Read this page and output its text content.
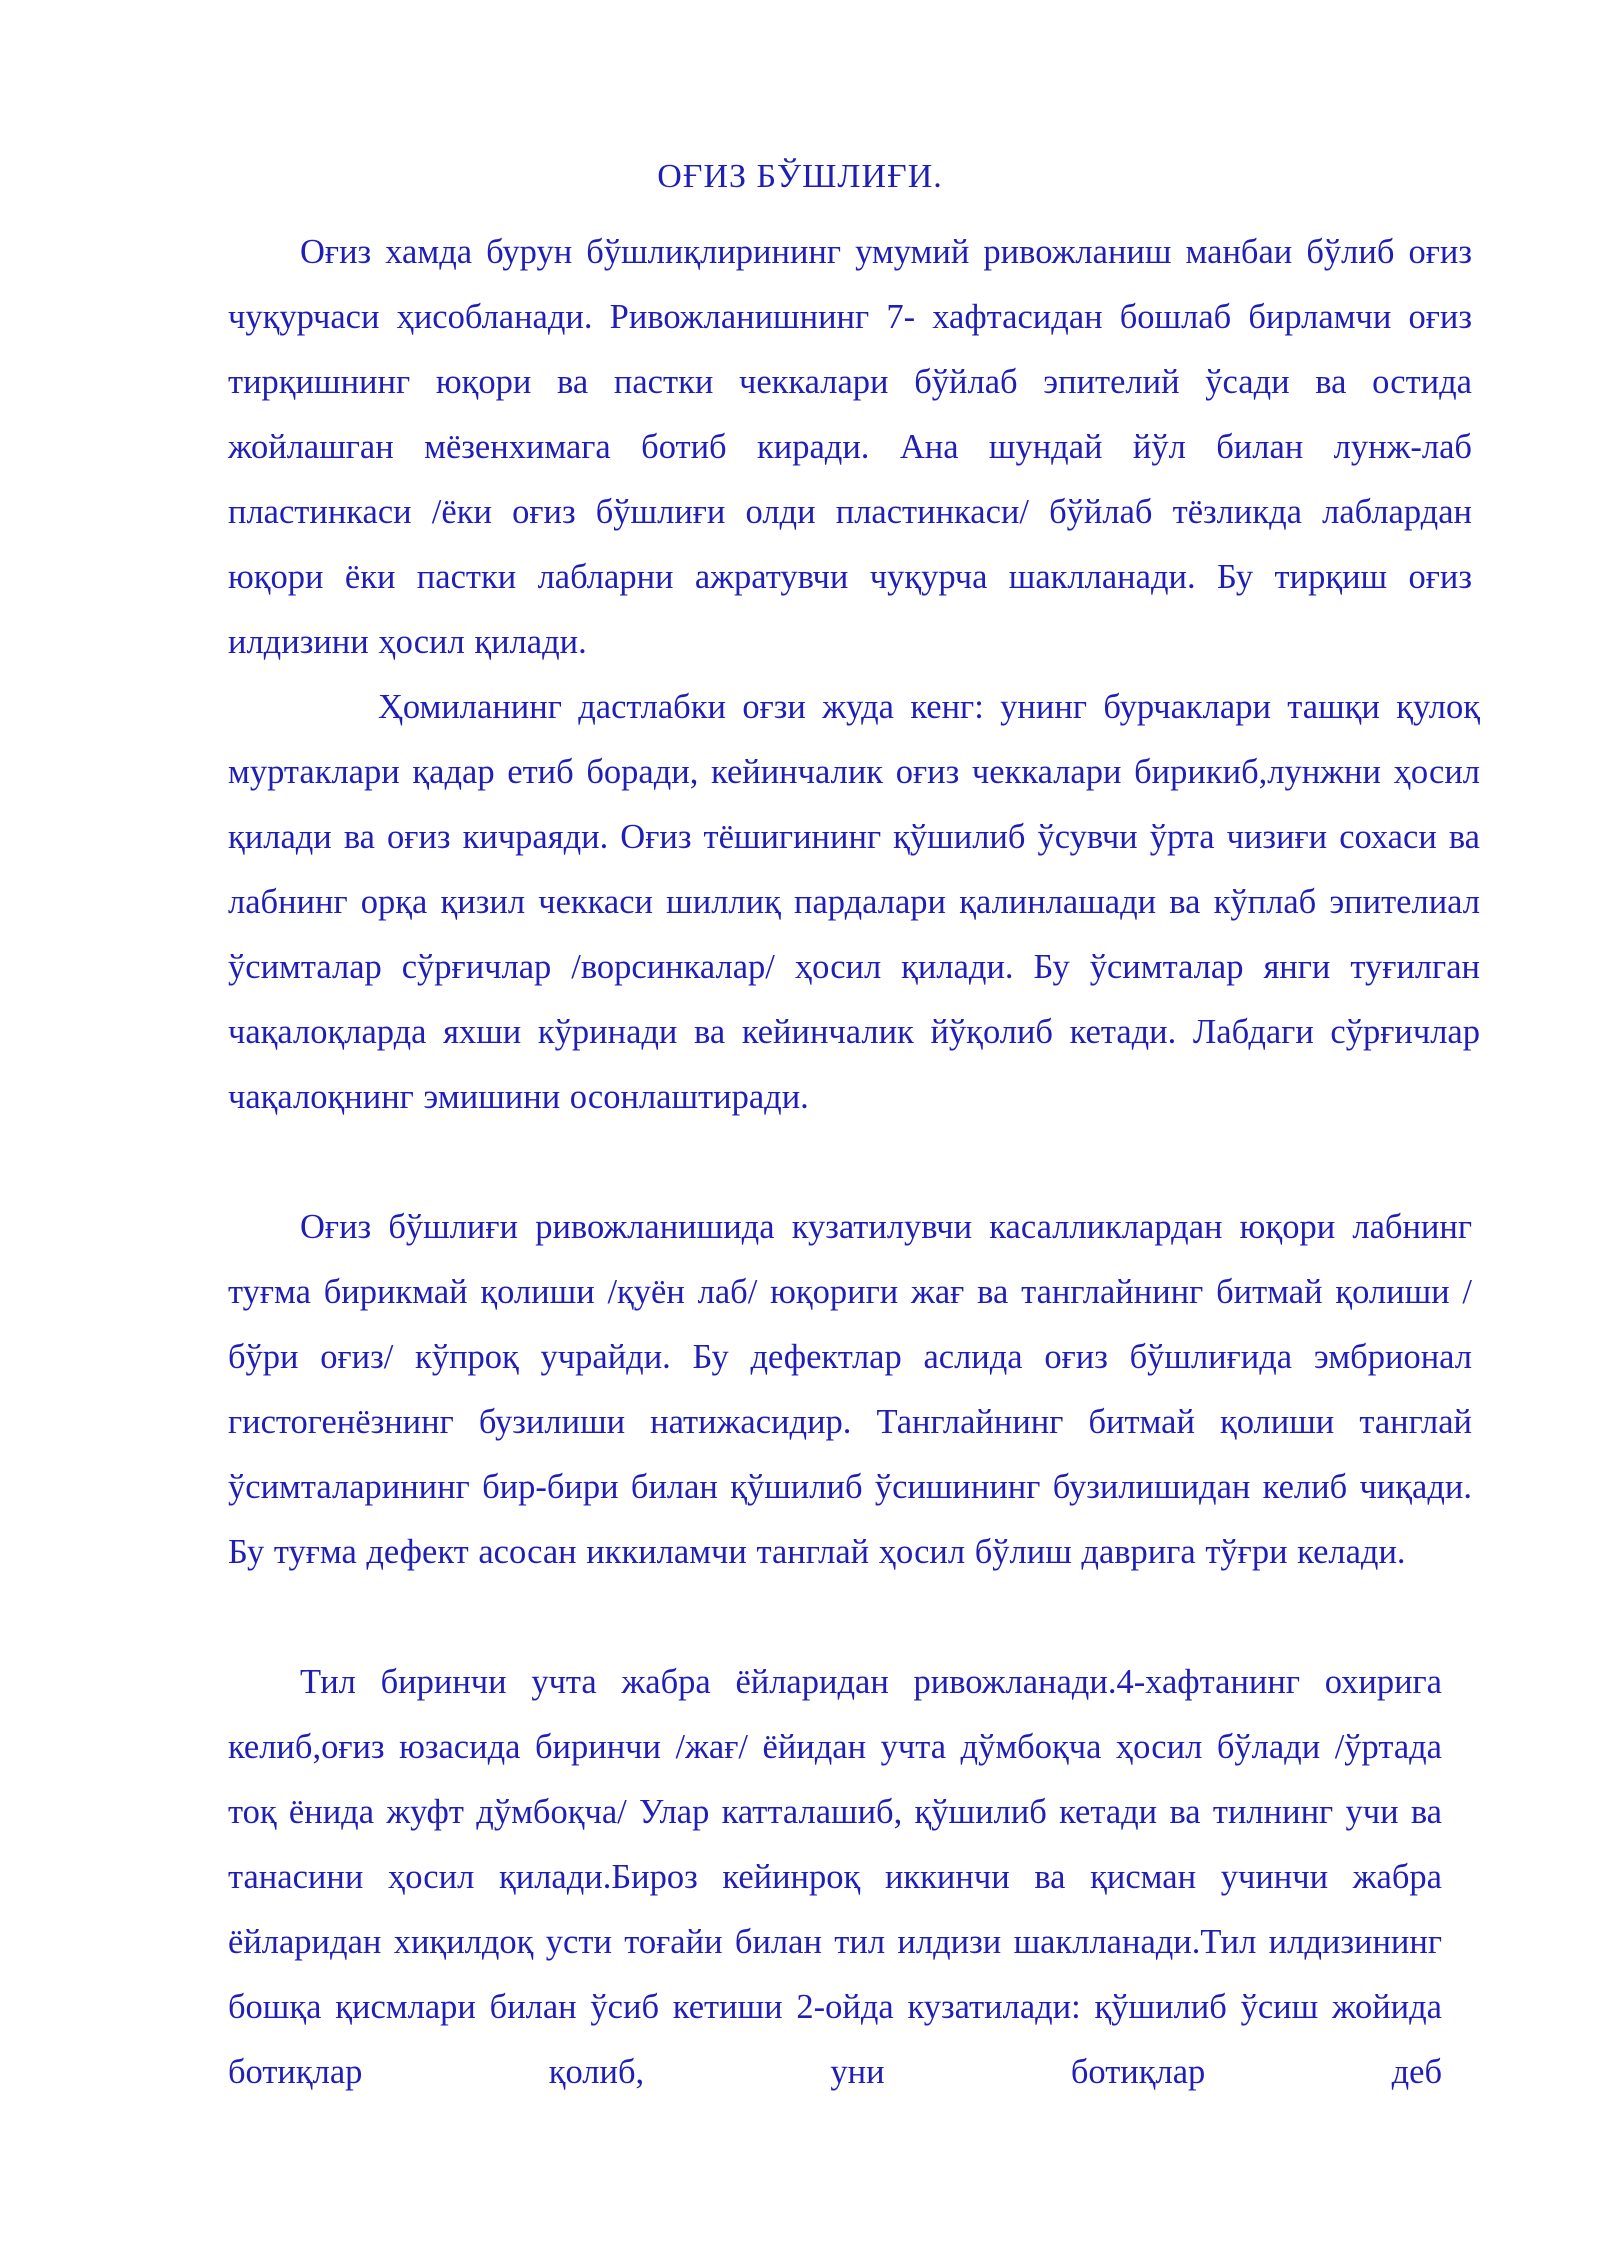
ОҒИЗ БЎШЛИҒИ.

Оғиз хамда бурун бўшлиқлирининг умумий ривожланиш манбаи бўлиб оғиз чуқурчаси ҳисобланади. Ривожланишнинг 7- хафтасидан бошлаб бирламчи оғиз тирқишнинг юқори ва пастки чеккалари бўйлаб эпителий ўсади ва остида жойлашган мёзенхимага ботиб киради. Ана шундай йўл билан лунж-лаб пластинкаси /ёки оғиз бўшлиғи олди пластинкаси/ бўйлаб тёзликда лаблардан юқори ёки пастки лабларни ажратувчи чуқурча шаклланади. Бу тирқиш оғиз илдизини ҳосил қилади.

Ҳомиланинг дастлабки оғзи жуда кенг: унинг бурчаклари ташқи қулоқ муртаклари қадар етиб боради, кейинчалик оғиз чеккалари бирикиб,лунжни ҳосил қилади ва оғиз кичраяди. Оғиз тёшигининг қўшилиб ўсувчи ўрта чизиғи сохаси ва лабнинг орқа қизил чеккаси шиллиқ пардалари қалинлашади ва кўплаб эпителиал ўсимталар сўрғичлар /ворсинкалар/ ҳосил қилади. Бу ўсимталар янги туғилган чақалоқларда яхши кўринади ва кейинчалик йўқолиб кетади. Лабдаги сўрғичлар чақалоқнинг эмишини осонлаштиради.

Оғиз бўшлиғи ривожланишида кузатилувчи касалликлардан юқори лабнинг туғма бирикмай қолиши /қуён лаб/ юқориги жағ ва танглайнинг битмай қолиши /бўри оғиз/ кўпроқ учрайди. Бу дефектлар аслида оғиз бўшлиғида эмбрионал гистогенёзнинг бузилиши натижасидир. Танглайнинг битмай қолиши танглай ўсимталарининг бир-бири билан қўшилиб ўсишининг бузилишидан келиб чиқади. Бу туғма дефект асосан иккиламчи танглай ҳосил бўлиш даврига тўғри келади.

Тил биринчи учта жабра ёйларидан ривожланади.4-хафтанинг охирига келиб,оғиз юзасида биринчи /жағ/ ёйидан учта дўмбоқча ҳосил бўлади /ўртада тоқ ёнида жуфт дўмбоқча/ Улар катталашиб, қўшилиб кетади ва тилнинг учи ва танасини ҳосил қилади.Бироз кейинроқ иккинчи ва қисман учинчи жабра ёйларидан хиқилдоқ усти тоғайи билан тил илдизи шаклланади.Тил илдизининг бошқа қисмлари билан ўсиб кетиши 2-ойда кузатилади: қўшилиб ўсиш жойида ботиқлар қолиб, уни ботиқлар деб
